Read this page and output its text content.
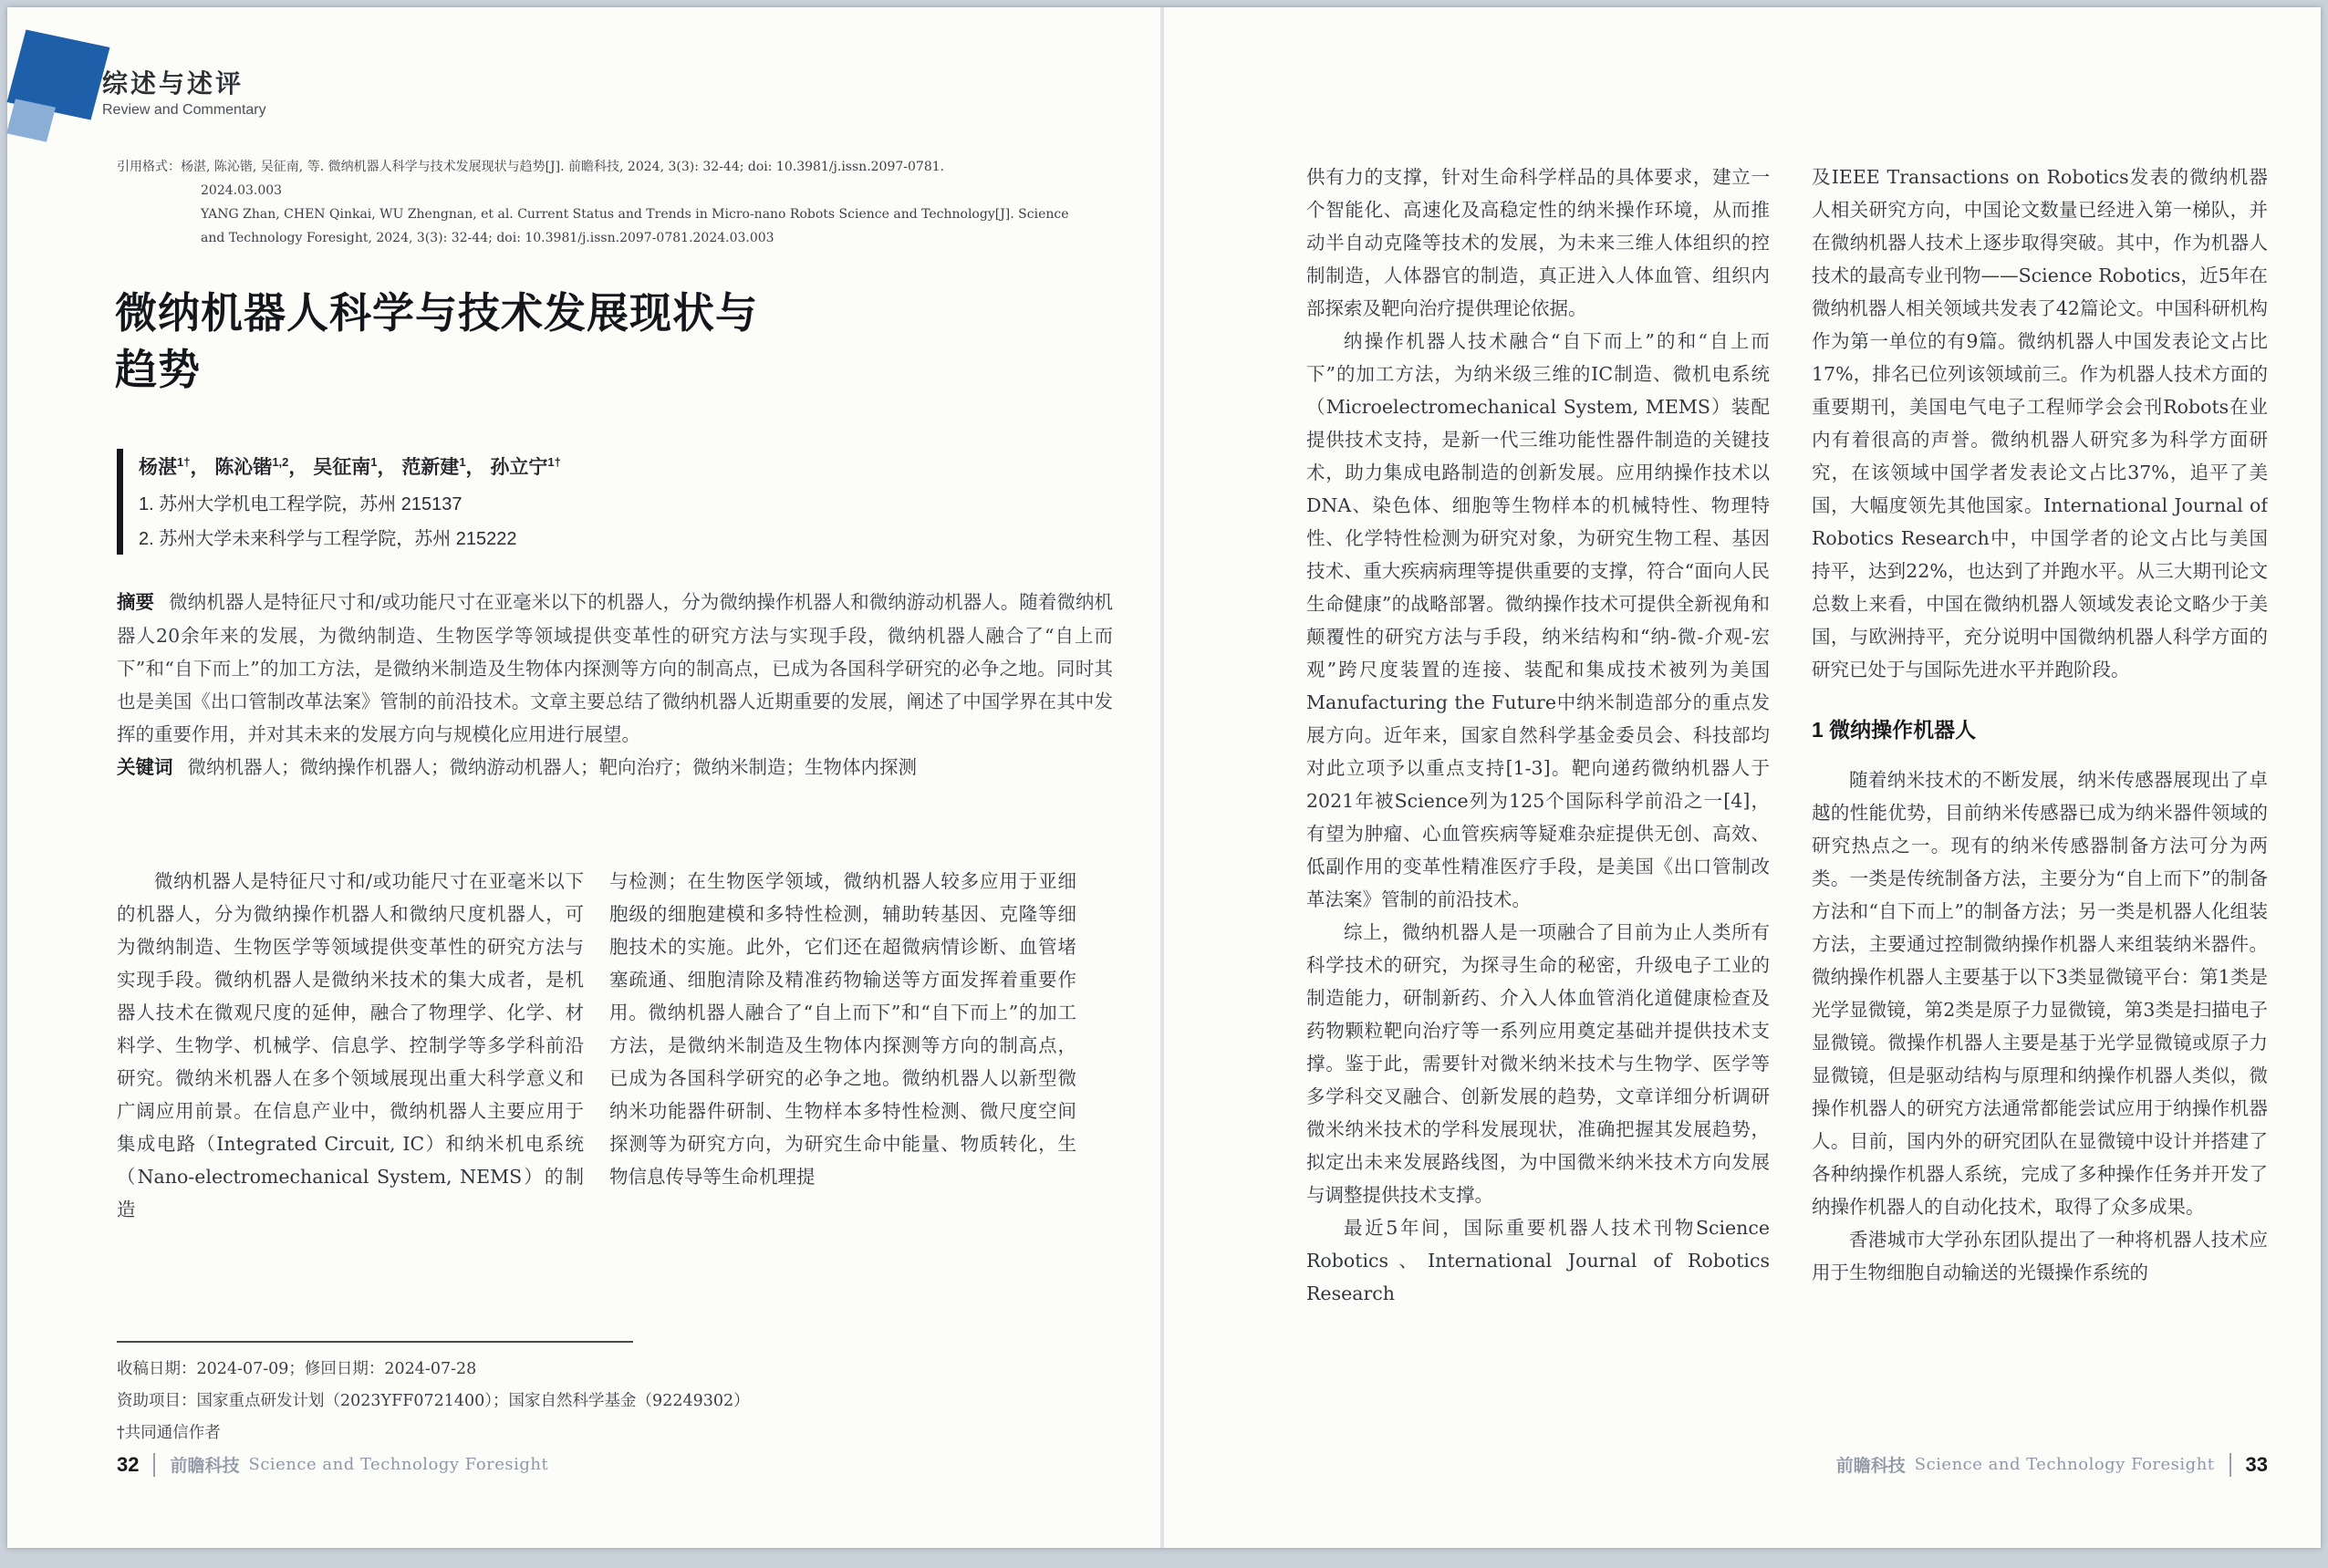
综述与述评
Review and Commentary
引用格式：杨湛, 陈沁锴, 吴征南, 等. 微纳机器人科学与技术发展现状与趋势[J]. 前瞻科技, 2024, 3(3): 32-44; doi: 10.3981/j.issn.2097-0781.
2024.03.003
YANG Zhan, CHEN Qinkai, WU Zhengnan, et al. Current Status and Trends in Micro-nano Robots Science and Technology[J]. Science
and Technology Foresight, 2024, 3(3): 32-44; doi: 10.3981/j.issn.2097-0781.2024.03.003
微纳机器人科学与技术发展现状与
趋势
杨湛$^{1\dagger}$， 陈沁锴$^{1,2}$， 吴征南$^1$， 范新建$^1$， 孙立宁$^{1\dagger}$
1. 苏州大学机电工程学院，苏州 215137
2. 苏州大学未来科学与工程学院，苏州 215222

摘要 微纳机器人是特征尺寸和/或功能尺寸在亚毫米以下的机器人，分为微纳操作机器人和微纳游动机器人。随着微纳机器人20余年来的发展，为微纳制造、生物医学等领域提供变革性的研究方法与实现手段，微纳机器人融合了“自上而下”和“自下而上”的加工方法，是微纳米制造及生物体内探测等方向的制高点，已成为各国科学研究的必争之地。同时其也是美国《出口管制改革法案》管制的前沿技术。文章主要总结了微纳机器人近期重要的发展，阐述了中国学界在其中发挥的重要作用，并对其未来的发展方向与规模化应用进行展望。

关键词 微纳机器人；微纳操作机器人；微纳游动机器人；靶向治疗；微纳米制造；生物体内探测

微纳机器人是特征尺寸和/或功能尺寸在亚毫米以下的机器人，分为微纳操作机器人和微纳尺度机器人，可为微纳制造、生物医学等领域提供变革性的研究方法与实现手段。微纳机器人是微纳米技术的集大成者，是机器人技术在微观尺度的延伸，融合了物理学、化学、材料学、生物学、机械学、信息学、控制学等多学科前沿研究。微纳米机器人在多个领域展现出重大科学意义和广阔应用前景。在信息产业中，微纳机器人主要应用于集成电路（Integrated Circuit, IC）和纳米机电系统（Nano-electromechanical System, NEMS）的制造

与检测；在生物医学领域，微纳机器人较多应用于亚细胞级的细胞建模和多特性检测，辅助转基因、克隆等细胞技术的实施。此外，它们还在超微病情诊断、血管堵塞疏通、细胞清除及精准药物输送等方面发挥着重要作用。微纳机器人融合了“自上而下”和“自下而上”的加工方法，是微纳米制造及生物体内探测等方向的制高点，已成为各国科学研究的必争之地。微纳机器人以新型微纳米功能器件研制、生物样本多特性检测、微尺度空间探测等为研究方向，为研究生命中能量、物质转化，生物信息传导等生命机理提

收稿日期：2024-07-09；修回日期：2024-07-28
资助项目：国家重点研发计划（2023YFF0721400）；国家自然科学基金（92249302）
†共同通信作者
32 前瞻科技 Science and Technology Foresight

供有力的支撑，针对生命科学样品的具体要求，建立一个智能化、高速化及高稳定性的纳米操作环境，从而推动半自动克隆等技术的发展，为未来三维人体组织的控制制造，人体器官的制造，真正进入人体血管、组织内部探索及靶向治疗提供理论依据。

纳操作机器人技术融合“自下而上”的和“自上而下”的加工方法，为纳米级三维的IC制造、微机电系统（Microelectromechanical System, MEMS）装配提供技术支持，是新一代三维功能性器件制造的关键技术，助力集成电路制造的创新发展。应用纳操作技术以DNA、染色体、细胞等生物样本的机械特性、物理特性、化学特性检测为研究对象，为研究生物工程、基因技术、重大疾病病理等提供重要的支撑，符合“面向人民生命健康”的战略部署。微纳操作技术可提供全新视角和颠覆性的研究方法与手段，纳米结构和“纳-微-介观-宏观”跨尺度装置的连接、装配和集成技术被列为美国Manufacturing the Future中纳米制造部分的重点发展方向。近年来，国家自然科学基金委员会、科技部均对此立项予以重点支持[1-3]。靶向递药微纳机器人于2021年被Science列为125个国际科学前沿之一[4]，有望为肿瘤、心血管疾病等疑难杂症提供无创、高效、低副作用的变革性精准医疗手段，是美国《出口管制改革法案》管制的前沿技术。

综上，微纳机器人是一项融合了目前为止人类所有科学技术的研究，为探寻生命的秘密，升级电子工业的制造能力，研制新药、介入人体血管消化道健康检查及药物颗粒靶向治疗等一系列应用奠定基础并提供技术支撑。鉴于此，需要针对微米纳米技术与生物学、医学等多学科交叉融合、创新发展的趋势，文章详细分析调研微米纳米技术的学科发展现状，准确把握其发展趋势，拟定出未来发展路线图，为中国微米纳米技术方向发展与调整提供技术支撑。

最近5年间，国际重要机器人技术刊物Science Robotics、International Journal of Robotics Research

及IEEE Transactions on Robotics发表的微纳机器人相关研究方向，中国论文数量已经进入第一梯队，并在微纳机器人技术上逐步取得突破。其中，作为机器人技术的最高专业刊物——Science Robotics，近5年在微纳机器人相关领域共发表了42篇论文。中国科研机构作为第一单位的有9篇。微纳机器人中国发表论文占比17%，排名已位列该领域前三。作为机器人技术方面的重要期刊，美国电气电子工程师学会会刊Robots在业内有着很高的声誉。微纳机器人研究多为科学方面研究，在该领域中国学者发表论文占比37%，追平了美国，大幅度领先其他国家。International Journal of Robotics Research中，中国学者的论文占比与美国持平，达到22%，也达到了并跑水平。从三大期刊论文总数上来看，中国在微纳机器人领域发表论文略少于美国，与欧洲持平，充分说明中国微纳机器人科学方面的研究已处于与国际先进水平并跑阶段。

1 微纳操作机器人

随着纳米技术的不断发展，纳米传感器展现出了卓越的性能优势，目前纳米传感器已成为纳米器件领域的研究热点之一。现有的纳米传感器制备方法可分为两类。一类是传统制备方法，主要分为“自上而下”的制备方法和“自下而上”的制备方法；另一类是机器人化组装方法，主要通过控制微纳操作机器人来组装纳米器件。微纳操作机器人主要基于以下3类显微镜平台：第1类是光学显微镜，第2类是原子力显微镜，第3类是扫描电子显微镜。微操作机器人主要是基于光学显微镜或原子力显微镜，但是驱动结构与原理和纳操作机器人类似，微操作机器人的研究方法通常都能尝试应用于纳操作机器人。目前，国内外的研究团队在显微镜中设计并搭建了各种纳操作机器人系统，完成了多种操作任务并开发了纳操作机器人的自动化技术，取得了众多成果。

香港城市大学孙东团队提出了一种将机器人技术应用于生物细胞自动输送的光镊操作系统的

前瞻科技 Science and Technology Foresight 33
